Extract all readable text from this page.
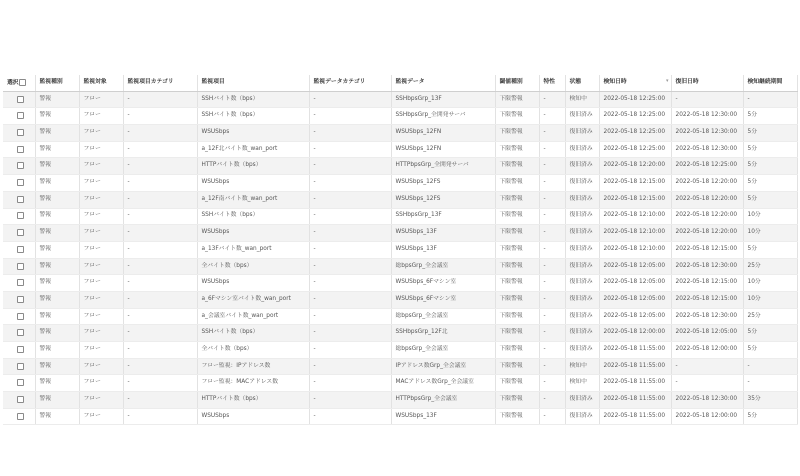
選択	監視種別	監視対象	監視項目カテゴリ	監視項目	監視データカテゴリ	監視データ	閾値種別	特性	状態	検知日時 ▾	復旧日時	検知継続期間
	警報	フロー	-	SSHバイト数（bps）	-	SSHbpsGrp_13F	下限警報	-	検知中	2022-05-18 12:25:00	-	-
	警報	フロー	-	SSHバイト数（bps）	-	SSHbpsGrp_全開発サーバ	下限警報	-	復旧済み	2022-05-18 12:25:00	2022-05-18 12:30:00	5分
	警報	フロー	-	WSUSbps	-	WSUSbps_12FN	下限警報	-	復旧済み	2022-05-18 12:25:00	2022-05-18 12:30:00	5分
	警報	フロー	-	a_12F北バイト数_wan_port	-	WSUSbps_12FN	下限警報	-	復旧済み	2022-05-18 12:25:00	2022-05-18 12:30:00	5分
	警報	フロー	-	HTTPバイト数（bps）	-	HTTPbpsGrp_全開発サーバ	下限警報	-	復旧済み	2022-05-18 12:20:00	2022-05-18 12:25:00	5分
	警報	フロー	-	WSUSbps	-	WSUSbps_12FS	下限警報	-	復旧済み	2022-05-18 12:15:00	2022-05-18 12:20:00	5分
	警報	フロー	-	a_12F南バイト数_wan_port	-	WSUSbps_12FS	下限警報	-	復旧済み	2022-05-18 12:15:00	2022-05-18 12:20:00	5分
	警報	フロー	-	SSHバイト数（bps）	-	SSHbpsGrp_13F	下限警報	-	復旧済み	2022-05-18 12:10:00	2022-05-18 12:20:00	10分
	警報	フロー	-	WSUSbps	-	WSUSbps_13F	下限警報	-	復旧済み	2022-05-18 12:10:00	2022-05-18 12:20:00	10分
	警報	フロー	-	a_13Fバイト数_wan_port	-	WSUSbps_13F	下限警報	-	復旧済み	2022-05-18 12:10:00	2022-05-18 12:15:00	5分
	警報	フロー	-	全バイト数（bps）	-	総bpsGrp_全会議室	下限警報	-	復旧済み	2022-05-18 12:05:00	2022-05-18 12:30:00	25分
	警報	フロー	-	WSUSbps	-	WSUSbps_6Fマシン室	下限警報	-	復旧済み	2022-05-18 12:05:00	2022-05-18 12:15:00	10分
	警報	フロー	-	a_6Fマシン室バイト数_wan_port	-	WSUSbps_6Fマシン室	下限警報	-	復旧済み	2022-05-18 12:05:00	2022-05-18 12:15:00	10分
	警報	フロー	-	a_会議室バイト数_wan_port	-	総bpsGrp_全会議室	下限警報	-	復旧済み	2022-05-18 12:05:00	2022-05-18 12:30:00	25分
	警報	フロー	-	SSHバイト数（bps）	-	SSHbpsGrp_12F北	下限警報	-	復旧済み	2022-05-18 12:00:00	2022-05-18 12:05:00	5分
	警報	フロー	-	全バイト数（bps）	-	総bpsGrp_全会議室	下限警報	-	復旧済み	2022-05-18 11:55:00	2022-05-18 12:00:00	5分
	警報	フロー	-	フロー監視：IPアドレス数	-	IPアドレス数Grp_全会議室	下限警報	-	検知中	2022-05-18 11:55:00	-	-
	警報	フロー	-	フロー監視：MACアドレス数	-	MACアドレス数Grp_全会議室	下限警報	-	検知中	2022-05-18 11:55:00	-	-
	警報	フロー	-	HTTPバイト数（bps）	-	HTTPbpsGrp_全会議室	下限警報	-	復旧済み	2022-05-18 11:55:00	2022-05-18 12:30:00	35分
	警報	フロー	-	WSUSbps	-	WSUSbps_13F	下限警報	-	復旧済み	2022-05-18 11:55:00	2022-05-18 12:00:00	5分
